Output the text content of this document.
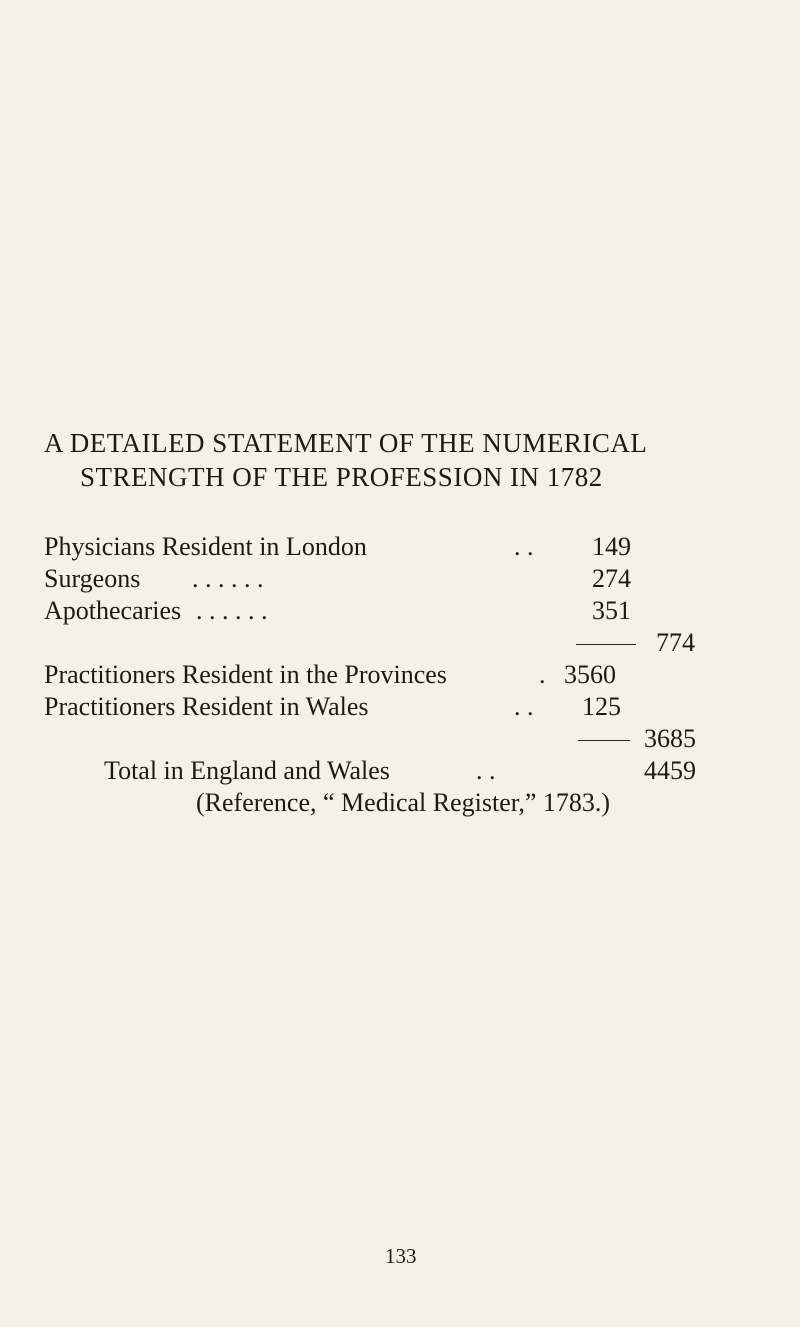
A DETAILED STATEMENT OF THE NUMERICAL
STRENGTH OF THE PROFESSION IN 1782
Physicians Resident in London	. . 149
Surgeons . . . . . .	274
Apothecaries . . . . . .	351
774
Practitioners Resident in the Provinces	. 3560
Practitioners Resident in Wales	. . 125
3685
Total in England and Wales	. .	4459
(Reference, “ Medical Register,” 1783.)
133
